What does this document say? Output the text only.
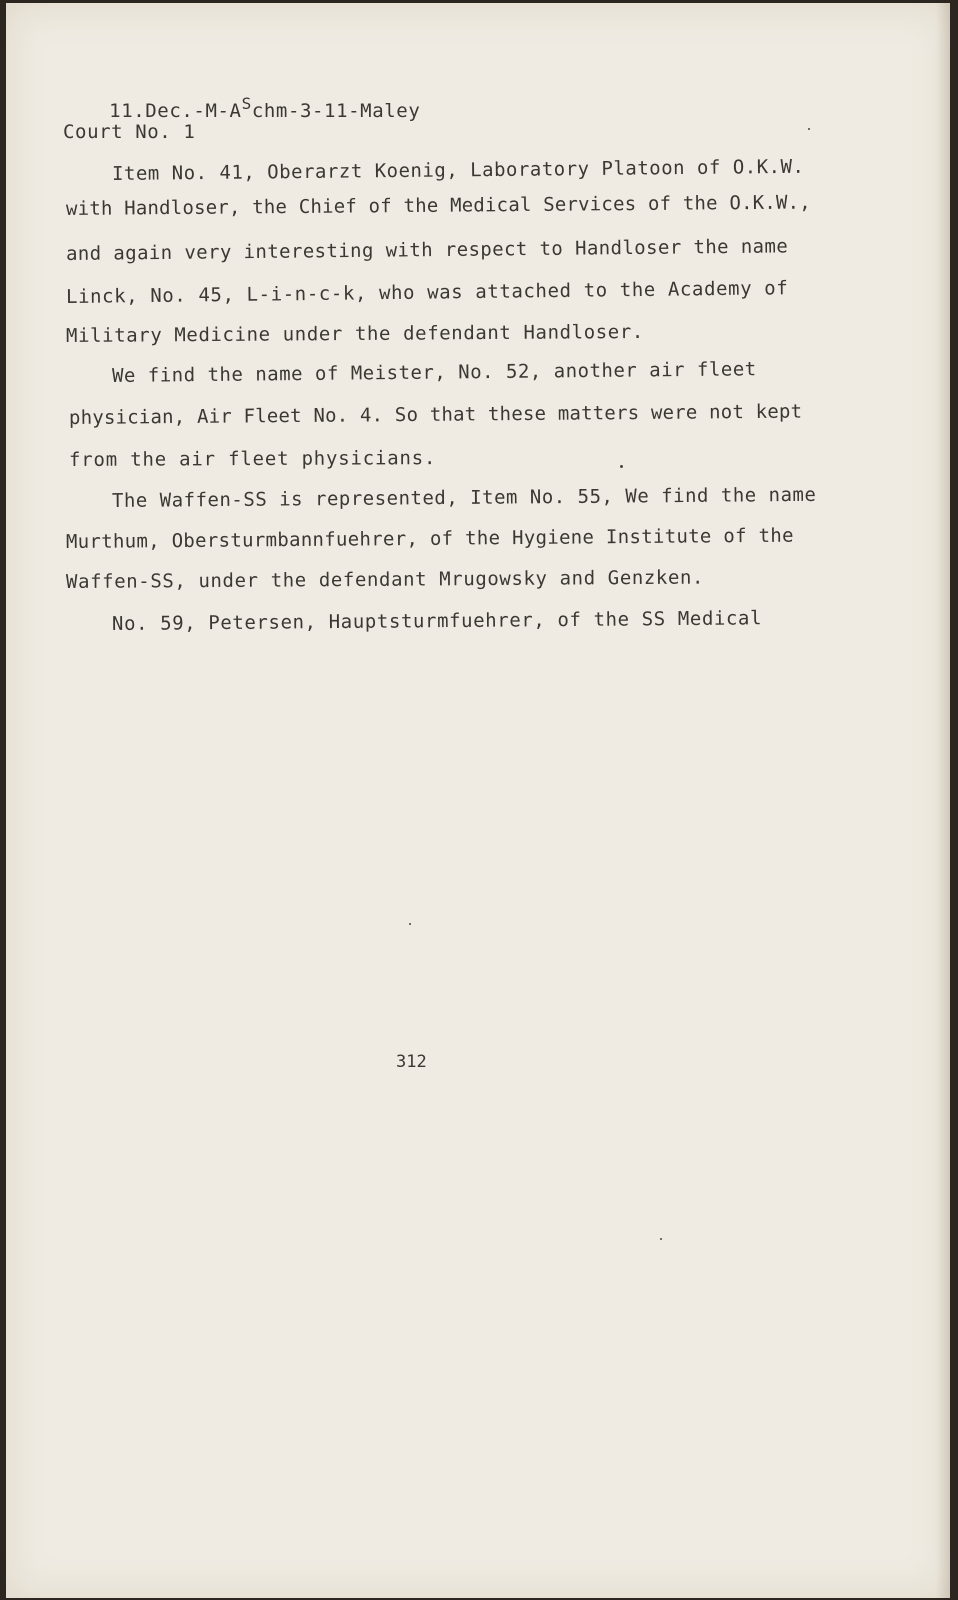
$11.Dec.-M-A^Schm-3-11$-Maley

Court No. 1
Item No. 41, Oberarzt Koenig, Laboratory Platoon of O.K.W.
with Handloser, the Chief of the Medical Services of the O.K.W.,
and again very interesting with respect to Handloser the name
Linck, No. 45, L-i-n-c-k, who was attached to the Academy of
Military Medicine under the defendant Handloser.
We find the name of Meister, No. 52, another air fleet
physician, Air Fleet No. 4. So that these matters were not kept
from the air fleet physicians.
The Waffen-SS is represented, Item No. 55, We find the name
Murthum, Obersturmbannfuehrer, of the Hygiene Institute of the
Waffen-SS, under the defendant Mrugowsky and Genzken.
No. 59, Petersen, Hauptsturmfuehrer, of the SS Medical
312
